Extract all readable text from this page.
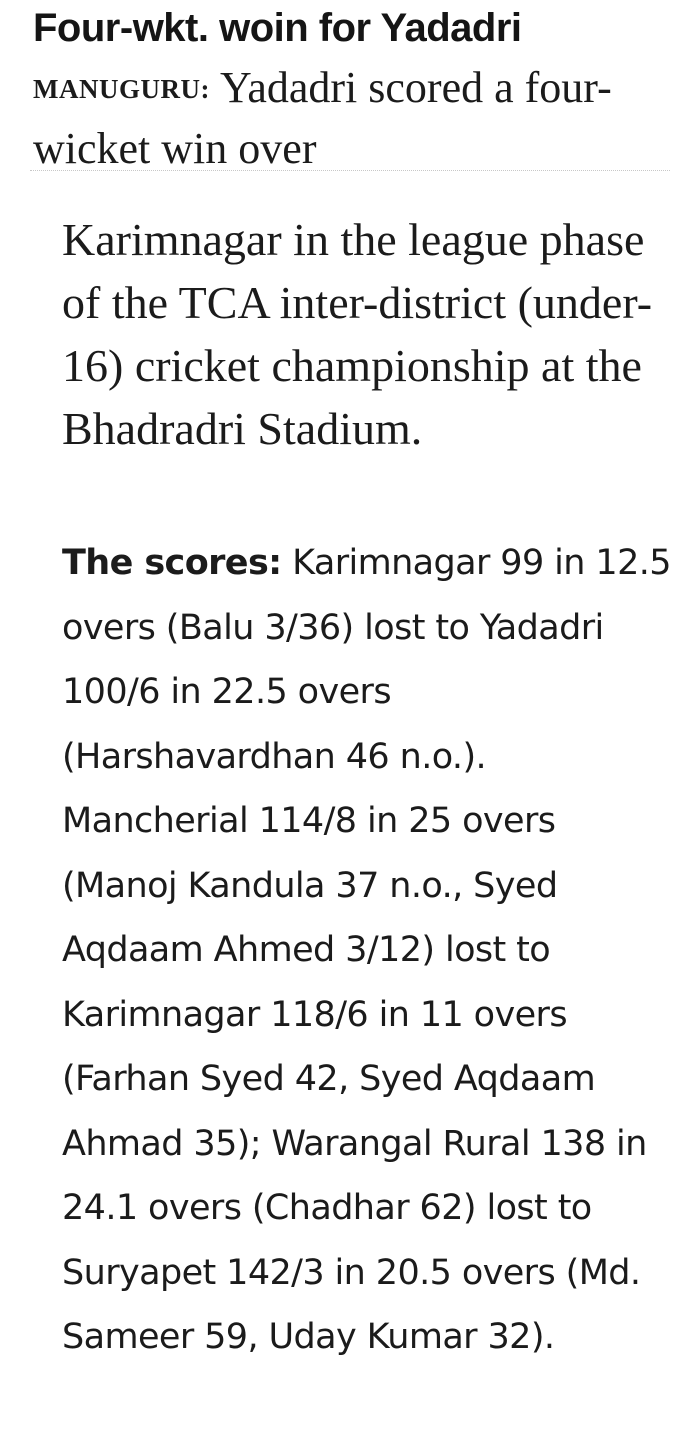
Four-wkt. woin for Yadadri

MANUGURU: Yadadri scored a four-wicket win over

Karimnagar in the league phase of the TCA inter-district (under-16) cricket championship at the Bhadradri Stadium.

The scores: Karimnagar 99 in 12.5 overs (Balu 3/36) lost to Yadadri 100/6 in 22.5 overs (Harshavardhan 46 n.o.). Mancherial 114/8 in 25 overs (Manoj Kandula 37 n.o., Syed Aqdaam Ahmed 3/12) lost to Karimnagar 118/6 in 11 overs (Farhan Syed 42, Syed Aqdaam Ahmad 35); Warangal Rural 138 in 24.1 overs (Chadhar 62) lost to Suryapet 142/3 in 20.5 overs (Md. Sameer 59, Uday Kumar 32).
